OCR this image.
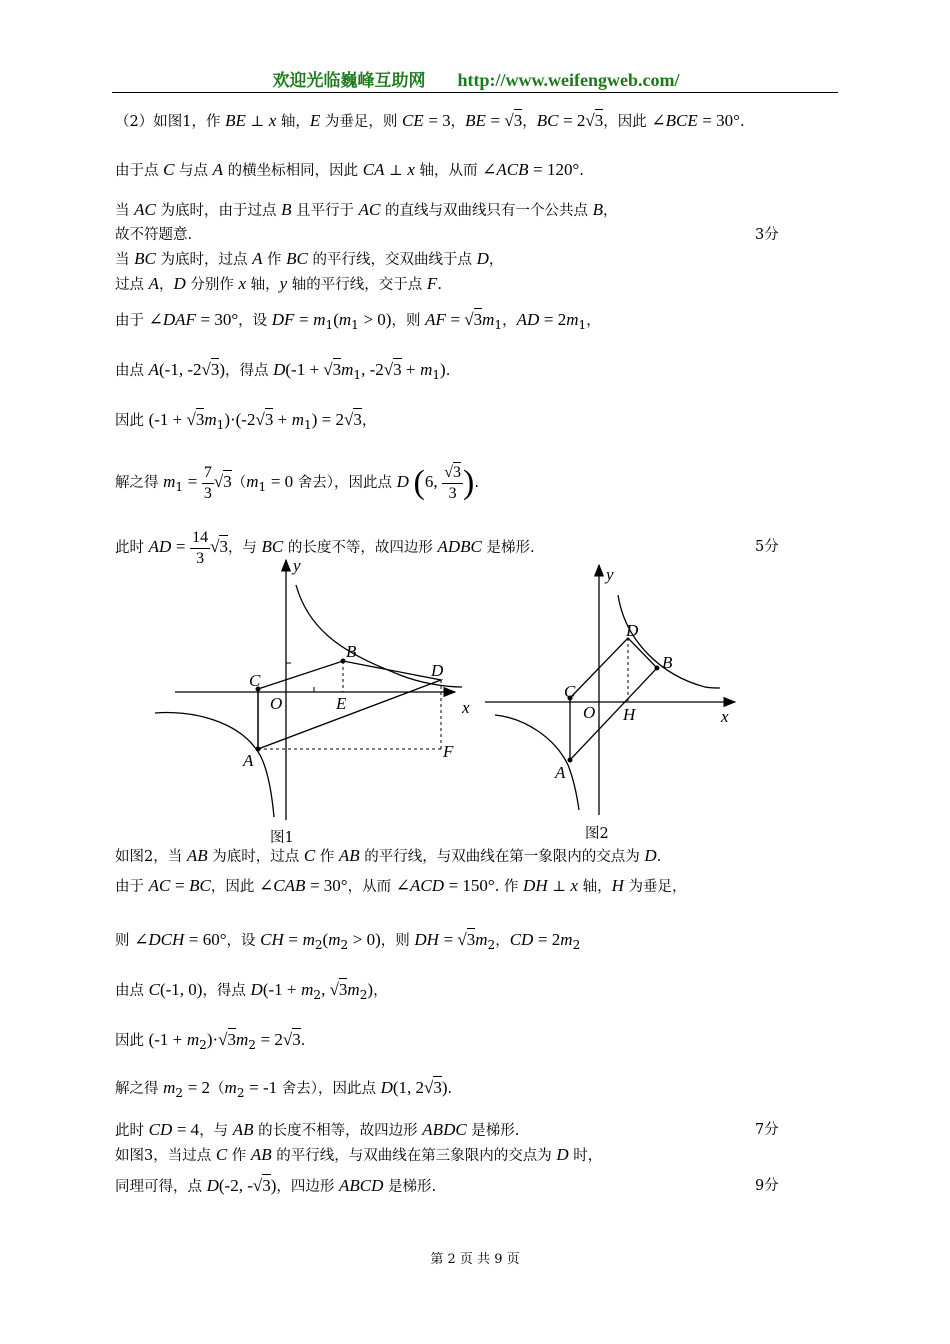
欢迎光临巍峰互助网 http://www.weifengweb.com/
（2）如图1，作 BE ⊥ x 轴，E 为垂足，则 CE = 3，BE = √3，BC = 2√3，因此 ∠BCE = 30°.
由于点 C 与点 A 的横坐标相同，因此 CA ⊥ x 轴，从而 ∠ACB = 120°.
当 AC 为底时，由于过点 B 且平行于 AC 的直线与双曲线只有一个公共点 B，
故不符题意.	3分
当 BC 为底时，过点 A 作 BC 的平行线，交双曲线于点 D，
过点 A，D 分别作 x 轴，y 轴的平行线，交于点 F.
由于 ∠DAF = 30°，设 DF = $m_1(m_1 > 0)$，则 AF = $√3m_1$，AD = $2m_1$，
由点 A(-1, -2√3)，得点 $D(-1 + √3m_1$, $-2√3 + m_1$).
因此 $(-1 + √3m_1)\cdot(-2√3 + m_1) = 2√3$，
解之得 $m_1 = \frac{7}{3} √3(m_1 = 0$ 舍去），因此点 D (6, $\frac{√3}{3}$ ).
此时 AD = $\frac{14}{3} √3$，与 BC 的长度不等，故四边形 ADBC 是梯形.	5分
y
x
O
A
B
C
D
E
F
图1
y
x
O
A
B
C
D
H
图2
如图2，当 AB 为底时，过点 C 作 AB 的平行线，与双曲线在第一象限内的交点为 D.
由于 AC = BC，因此 ∠CAB = 30°，从而 ∠ACD = 150°. 作 DH ⊥ x 轴，H 为垂足，
则 ∠DCH = 60°，设 CH = $m_2(m_2 > 0)$，则 DH = $√3m_2$，CD = $2m_2$
由点 C(-1, 0)，得点 $D(-1 + m_2$, $√3m_2$)，
因此 $(-1 + m_2)\cdot√3m_2 = 2√3$.
解之得 $m_2 = 2(m_2 = -1$ 舍去），因此点 D(1, 2√3).
此时 CD = 4，与 AB 的长度不相等，故四边形 ABDC 是梯形.	7分
如图3，当过点 C 作 AB 的平行线，与双曲线在第三象限内的交点为 D 时，
同理可得，点 D(-2, -√3)，四边形 ABCD 是梯形.	9分
第 2 页 共 9 页
